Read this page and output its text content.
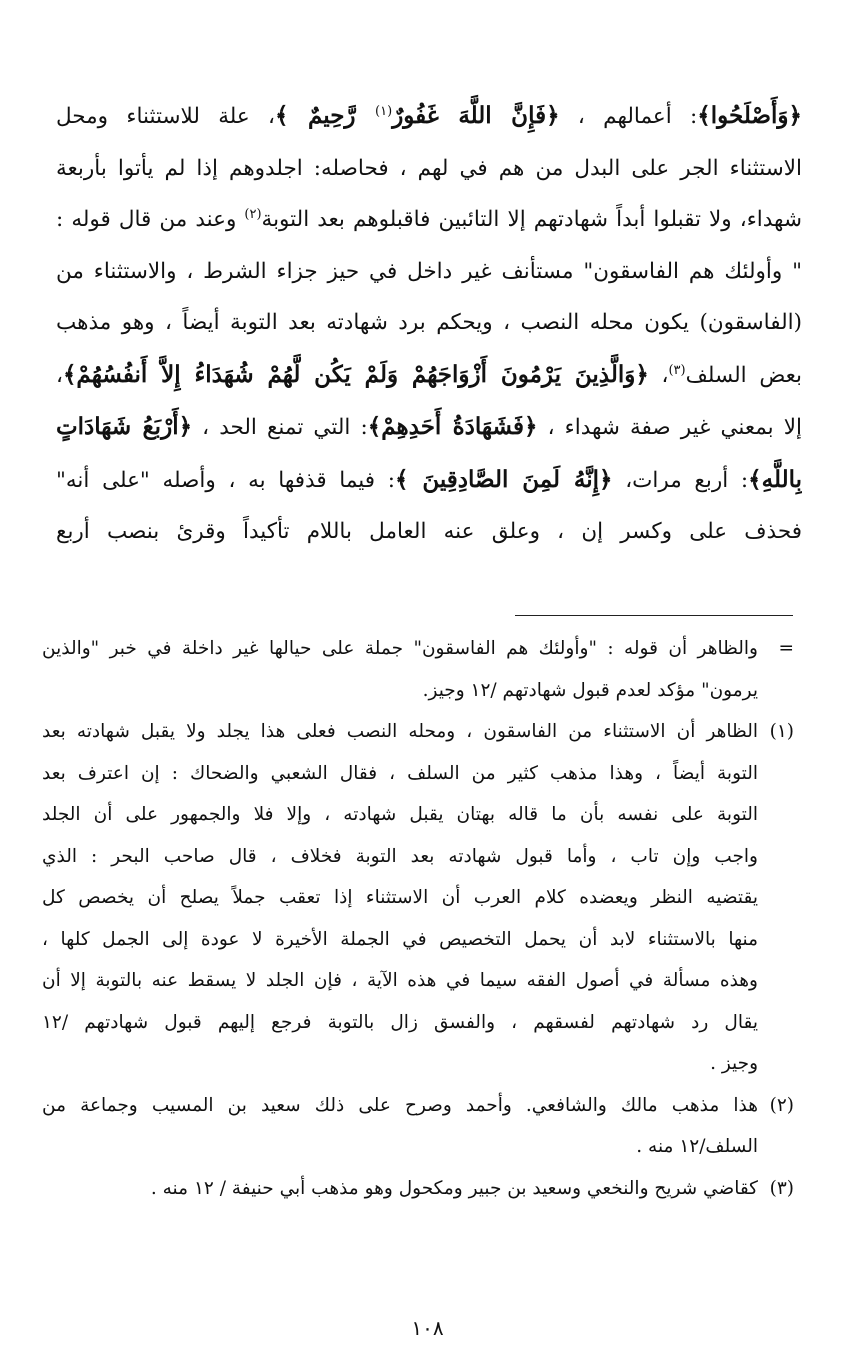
﴿وَأَصْلَحُوا﴾: أعمالهم ، ﴿فَإِنَّ اللَّهَ غَفُورٌ$^{(١)}$ رَّحِيمٌ ﴾، علة للاستثناء ومحل
الاستثناء الجر على البدل من هم في لهم ، فحاصله: اجلدوهم إذا لم يأتوا بأربعة
شهداء، ولا تقبلوا أبداً شهادتهم إلا التائبين فاقبلوهم بعد التوبة$^{(٢)}$ وعند من قال قوله :
" وأولئك هم الفاسقون" مستأنف غير داخل في حيز جزاء الشرط ، والاستثناء من
(الفاسقون) يكون محله النصب ، ويحكم برد شهادته بعد التوبة أيضاً ، وهو مذهب
بعض السلف$^{(٣)}$، ﴿وَالَّذِينَ يَرْمُونَ أَزْوَاجَهُمْ وَلَمْ يَكُن لَّهُمْ شُهَدَاءُ إِلاَّ أَنفُسُهُمْ﴾،
إلا بمعني غير صفة شهداء ، ﴿فَشَهَادَةُ أَحَدِهِمْ﴾: التي تمنع الحد ، ﴿أَرْبَعُ شَهَادَاتٍ
بِاللَّهِ﴾: أربع مرات، ﴿إِنَّهُ لَمِنَ الصَّادِقِينَ ﴾: فيما قذفها به ، وأصله "على أنه"
فحذف على وكسر إن ، وعلق عنه العامل باللام تأكيداً وقرئ بنصب أربع
=
والظاهر أن قوله : "وأولئك هم الفاسقون" جملة على حيالها غير داخلة في خبر "والذين
يرمون" مؤكد لعدم قبول شهادتهم /١٢ وجيز.
(١)
الظاهر أن الاستثناء من الفاسقون ، ومحله النصب فعلى هذا يجلد ولا يقبل شهادته بعد
التوبة أيضاً ، وهذا مذهب كثير من السلف ، فقال الشعبي والضحاك : إن اعترف بعد
التوبة على نفسه بأن ما قاله بهتان يقبل شهادته ، وإلا فلا والجمهور على أن الجلد
واجب وإن تاب ، وأما قبول شهادته بعد التوبة فخلاف ، قال صاحب البحر : الذي
يقتضيه النظر ويعضده كلام العرب أن الاستثناء إذا تعقب جملاً يصلح أن يخصص كل
منها بالاستثناء لابد أن يحمل التخصيص في الجملة الأخيرة لا عودة إلى الجمل كلها ،
وهذه مسألة في أصول الفقه سيما في هذه الآية ، فإن الجلد لا يسقط عنه بالتوبة إلا أن
يقال رد شهادتهم لفسقهم ، والفسق زال بالتوبة فرجع إليهم قبول شهادتهم /١٢
وجيز .
(٢)
هذا مذهب مالك والشافعي. وأحمد وصرح على ذلك سعيد بن المسيب وجماعة من
السلف/١٢ منه .
(٣)
كقاضي شريح والنخعي وسعيد بن جبير ومكحول وهو مذهب أبي حنيفة / ١٢ منه .
١٠٨
